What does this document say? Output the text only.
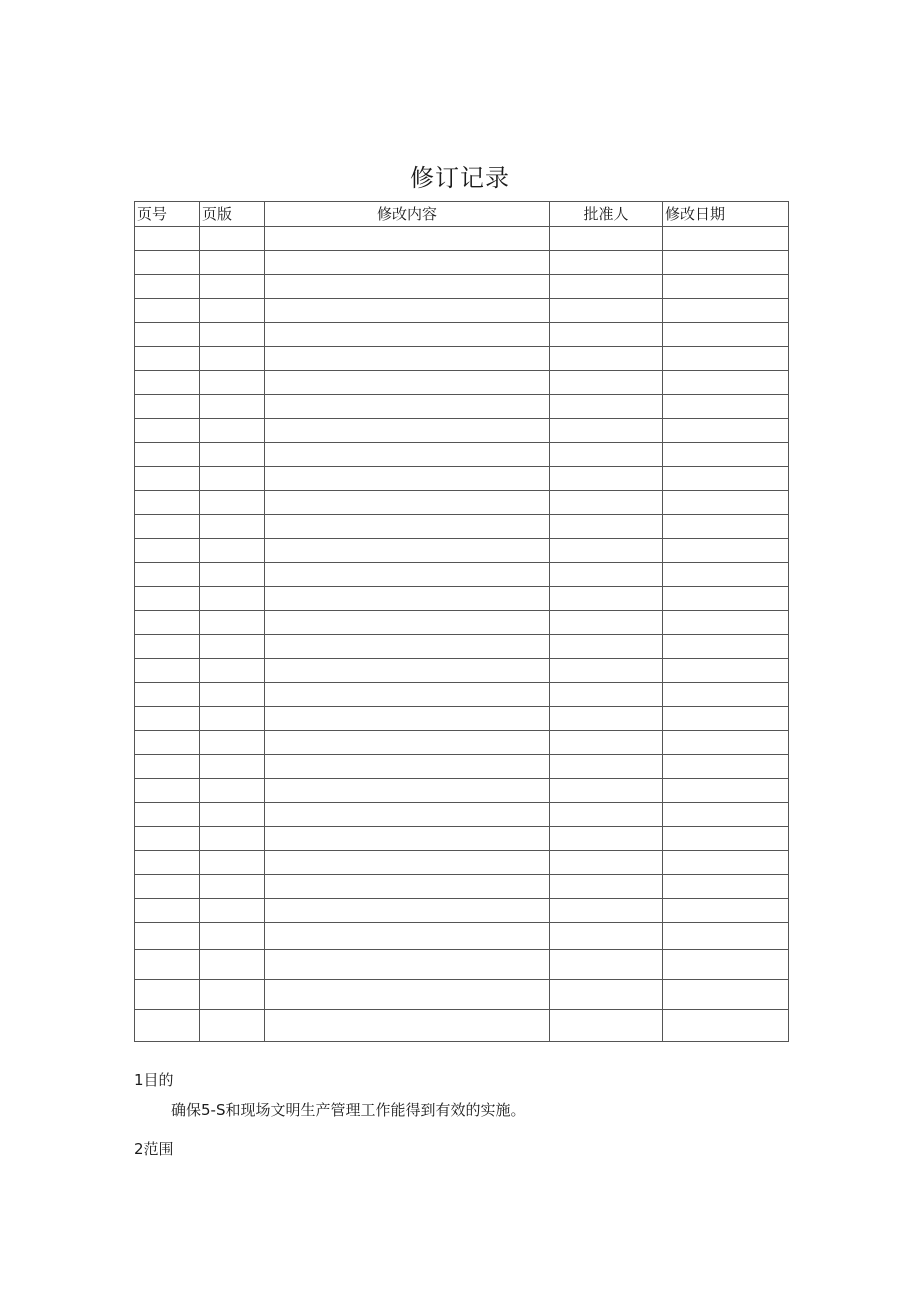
修订记录
页号	页版	修改内容	批准人	修改日期

1目的
确保5-S和现场文明生产管理工作能得到有效的实施。
2范围
